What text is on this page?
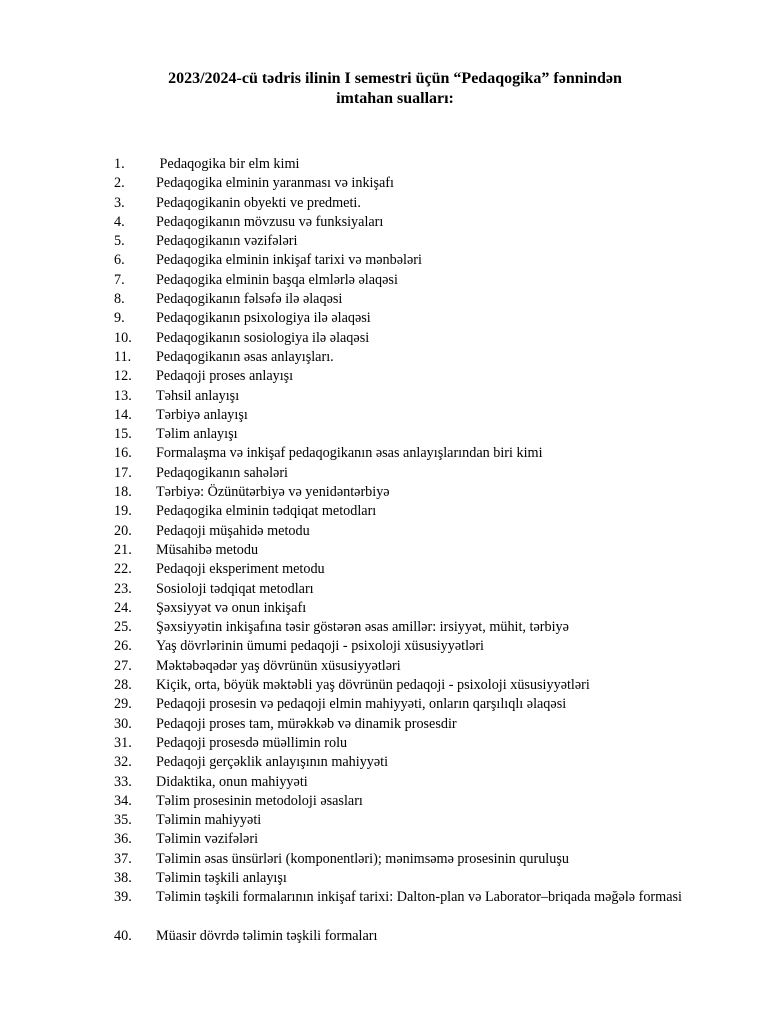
2023/2024-cü tədris ilinin I semestri üçün “Pedaqogika” fənnindən
imtahan sualları:
1.	Pedaqogika bir elm kimi
2.	Pedaqogika elminin yaranması və inkişafı
3.	Pedaqogikanin obyekti ve predmeti.
4.	Pedaqogikanın mövzusu və funksiyaları
5.	Pedaqogikanın vəzifələri
6.	Pedaqogika elminin inkişaf tarixi və mənbələri
7.	Pedaqogika elminin başqa elmlərlə əlaqəsi
8.	Pedaqogikanın fəlsəfə ilə əlaqəsi
9.	Pedaqogikanın psixologiya ilə əlaqəsi
10.	Pedaqogikanın sosiologiya ilə əlaqəsi
11.	Pedaqogikanın əsas anlayışları.
12.	Pedaqoji proses anlayışı
13.	Təhsil anlayışı
14.	Tərbiyə anlayışı
15.	Təlim anlayışı
16.	Formalaşma və inkişaf pedaqogikanın əsas anlayışlarından biri kimi
17.	Pedaqogikanın sahələri
18.	Tərbiyə: Özünütərbiyə və yenidəntərbiyə
19.	Pedaqogika elminin tədqiqat metodları
20.	Pedaqoji müşahidə metodu
21.	Müsahibə metodu
22.	Pedaqoji eksperiment metodu
23.	Sosioloji tədqiqat metodları
24.	Şəxsiyyət və onun inkişafı
25.	Şəxsiyyətin inkişafına təsir göstərən əsas amillər: irsiyyət, mühit, tərbiyə
26.	Yaş dövrlərinin ümumi pedaqoji - psixoloji xüsusiyyətləri
27.	Məktəbəqədər yaş dövrünün xüsusiyyətləri
28.	Kiçik, orta, böyük məktəbli yaş dövrünün pedaqoji - psixoloji xüsusiyyətləri
29.	Pedaqoji prosesin və pedaqoji elmin mahiyyəti, onların qarşılıqlı əlaqəsi
30.	Pedaqoji proses tam, mürəkkəb və dinamik prosesdir
31.	Pedaqoji prosesdə müəllimin rolu
32.	Pedaqoji gerçəklik anlayışının mahiyyəti
33.	Didaktika, onun mahiyyəti
34.	Təlim prosesinin metodoloji əsasları
35.	Təlimin mahiyyəti
36.	Təlimin vəzifələri
37.	Təlimin əsas ünsürləri (komponentləri); mənimsəmə prosesinin quruluşu
38.	Təlimin təşkili anlayışı
39.	Təlimin təşkili formalarının inkişaf tarixi: Dalton-plan və Laborator–briqada məğələ formasi
40.	Müasir dövrdə təlimin təşkili formaları
